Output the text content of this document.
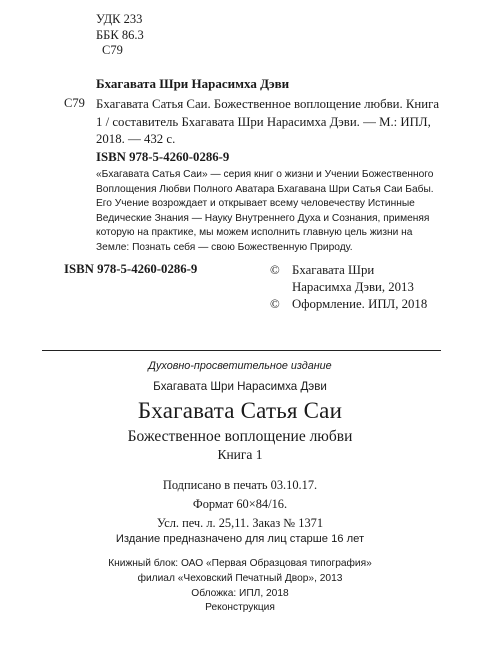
УДК 233
ББК 86.3
С79
Бхагавата Шри Нарасимха Дэви
С79 Бхагавата Сатья Саи. Божественное воплощение любви. Книга 1 / составитель Бхагавата Шри Нарасимха Дэви. — М.: ИПЛ, 2018. — 432 с.
ISBN 978-5-4260-0286-9
«Бхагавата Сатья Саи» — серия книг о жизни и Учении Божественного Воплощения Любви Полного Аватара Бхагавана Шри Сатья Саи Бабы. Его Учение возрождает и открывает всему человечеству Истинные Ведические Знания — Науку Внутреннего Духа и Сознания, применяя которую на практике, мы можем исполнить главную цель жизни на Земле: Познать себя — свою Божественную Природу.
ISBN 978-5-4260-0286-9	© Бхагавата Шри
Нарасимха Дэви, 2013
© Оформление. ИПЛ, 2018
Духовно-просветительное издание
Бхагавата Шри Нарасимха Дэви
Бхагавата Сатья Саи
Божественное воплощение любви
Книга 1
Подписано в печать 03.10.17.
Формат 60×84/16.
Усл. печ. л. 25,11. Заказ № 1371
Издание предназначено для лиц старше 16 лет
Книжный блок: ОАО «Первая Образцовая типография»
филиал «Чеховский Печатный Двор», 2013
Обложка: ИПЛ, 2018
Реконструкция
